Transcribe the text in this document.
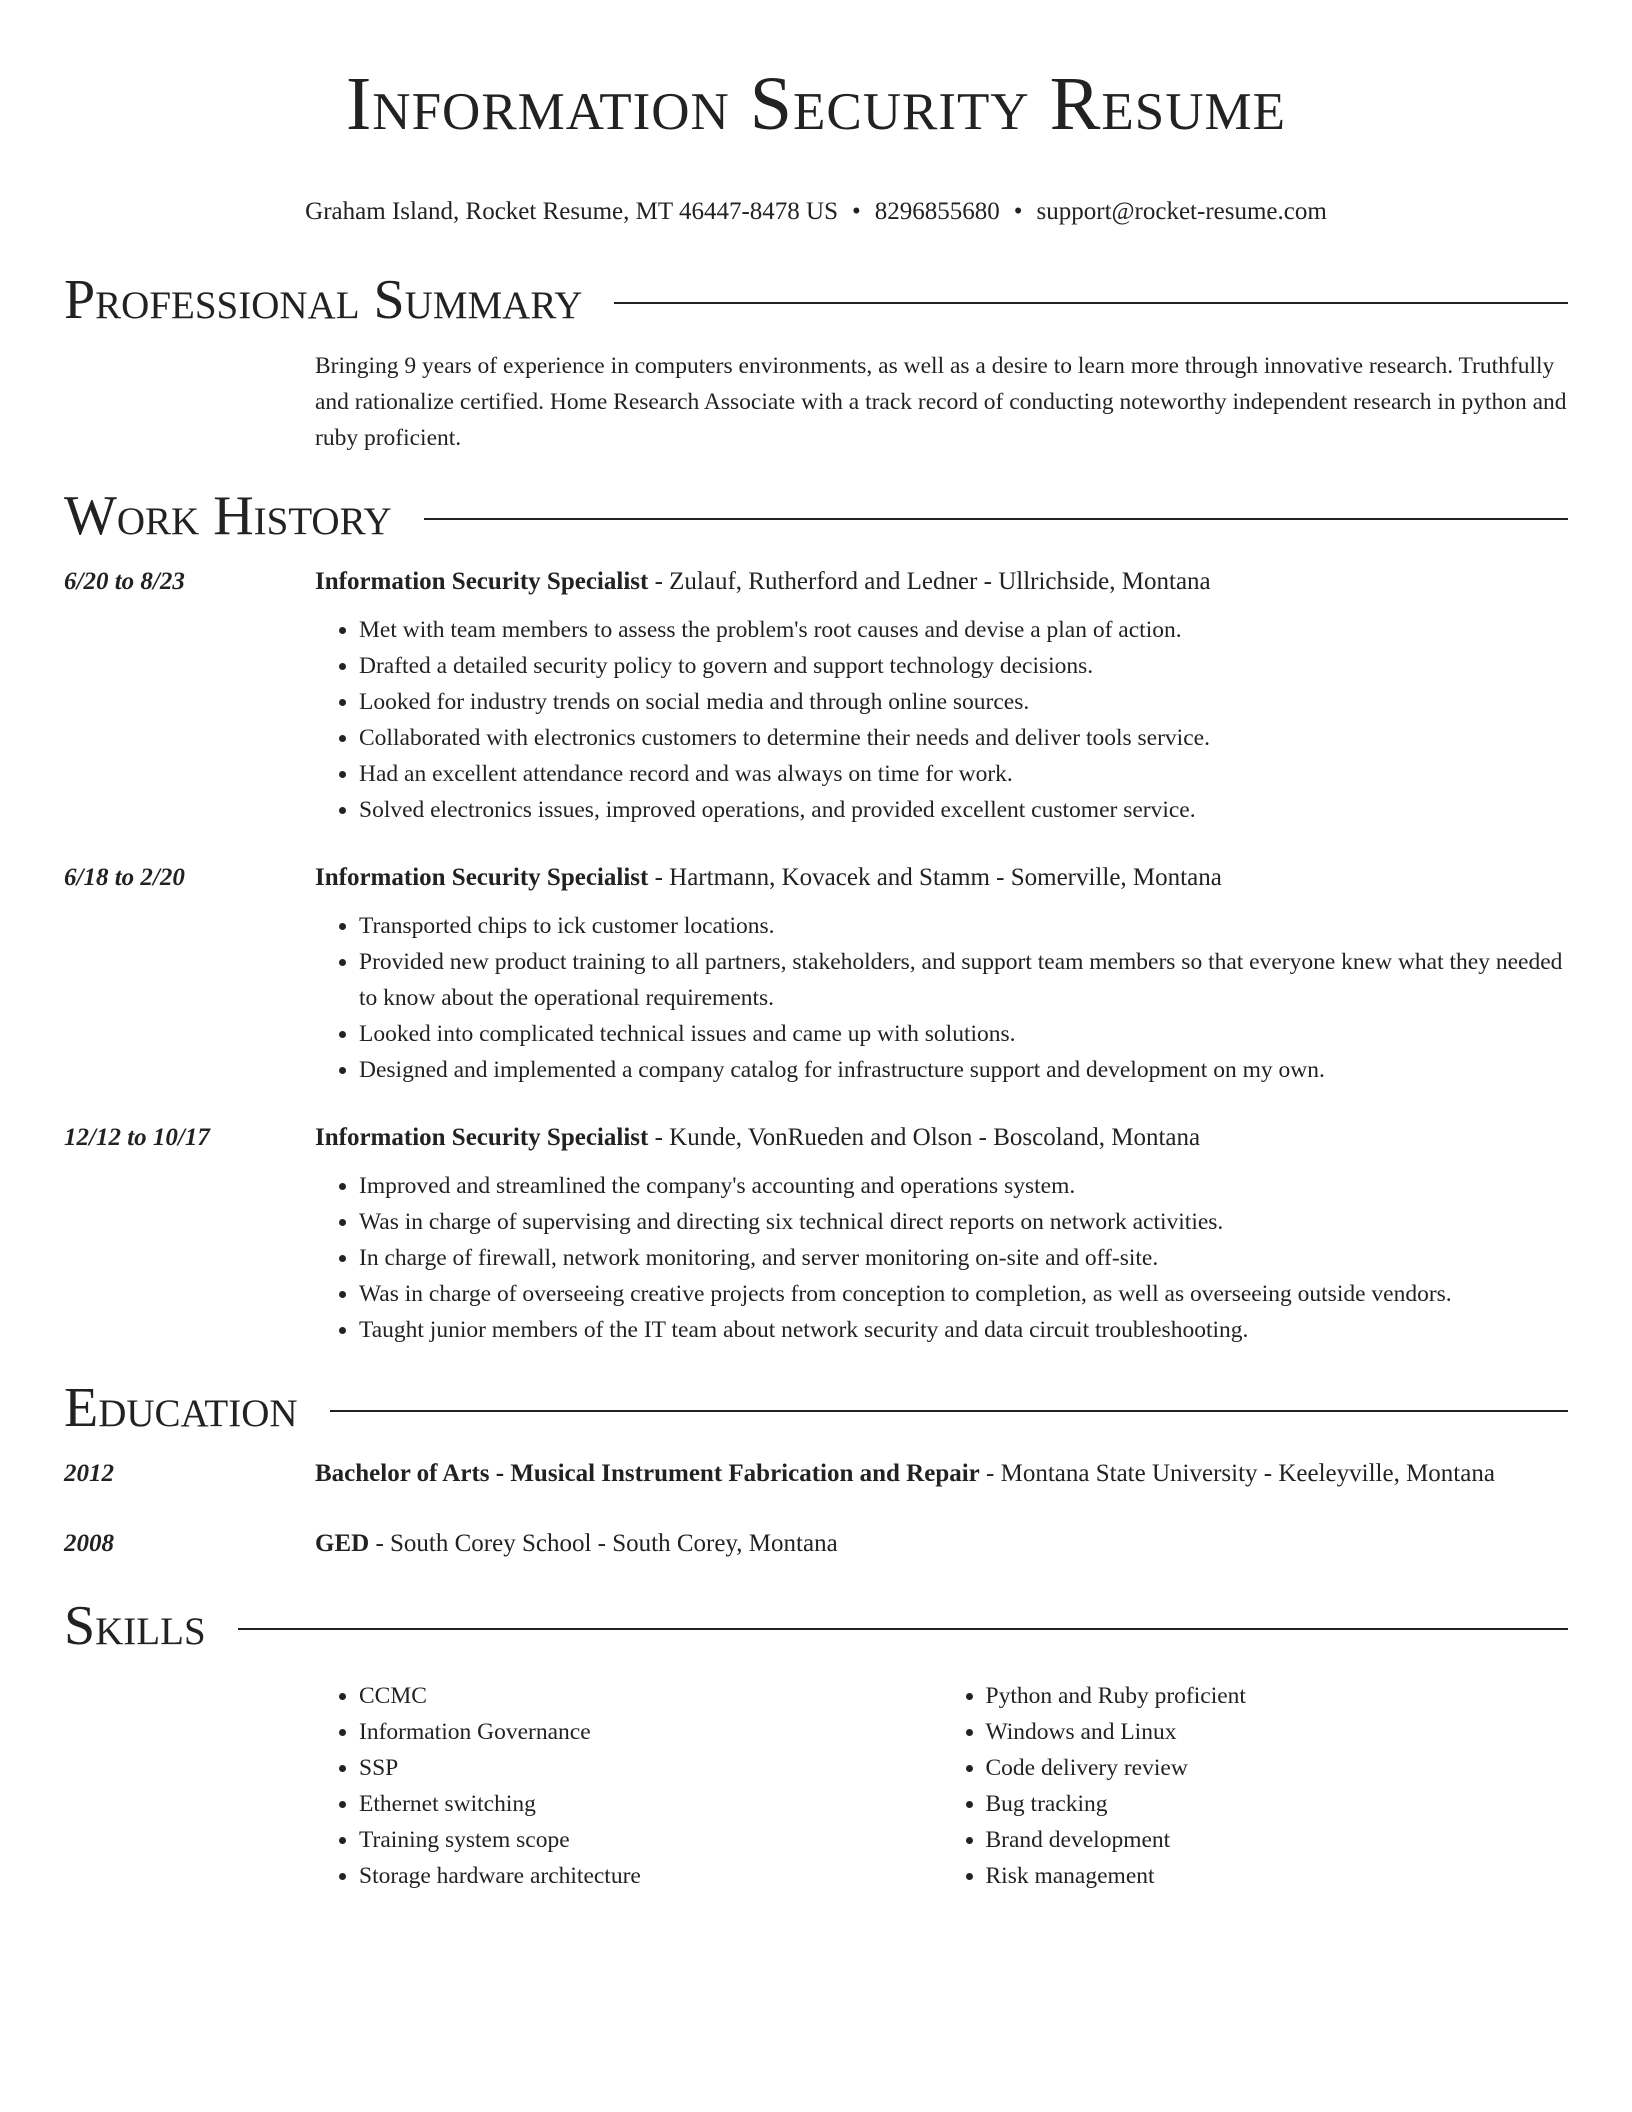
Information Security Resume
Graham Island, Rocket Resume, MT 46447-8478 US • 8296855680 • support@rocket-resume.com
Professional Summary
Bringing 9 years of experience in computers environments, as well as a desire to learn more through innovative research. Truthfully and rationalize certified. Home Research Associate with a track record of conducting noteworthy independent research in python and ruby proficient.
Work History
6/20 to 8/23	Information Security Specialist - Zulauf, Rutherford and Ledner - Ullrichside, Montana
• Met with team members to assess the problem's root causes and devise a plan of action.
• Drafted a detailed security policy to govern and support technology decisions.
• Looked for industry trends on social media and through online sources.
• Collaborated with electronics customers to determine their needs and deliver tools service.
• Had an excellent attendance record and was always on time for work.
• Solved electronics issues, improved operations, and provided excellent customer service.
6/18 to 2/20	Information Security Specialist - Hartmann, Kovacek and Stamm - Somerville, Montana
• Transported chips to ick customer locations.
• Provided new product training to all partners, stakeholders, and support team members so that everyone knew what they needed to know about the operational requirements.
• Looked into complicated technical issues and came up with solutions.
• Designed and implemented a company catalog for infrastructure support and development on my own.
12/12 to 10/17	Information Security Specialist - Kunde, VonRueden and Olson - Boscoland, Montana
• Improved and streamlined the company's accounting and operations system.
• Was in charge of supervising and directing six technical direct reports on network activities.
• In charge of firewall, network monitoring, and server monitoring on-site and off-site.
• Was in charge of overseeing creative projects from conception to completion, as well as overseeing outside vendors.
• Taught junior members of the IT team about network security and data circuit troubleshooting.
Education
2012	Bachelor of Arts - Musical Instrument Fabrication and Repair - Montana State University - Keeleyville, Montana
2008	GED - South Corey School - South Corey, Montana
Skills
• CCMC
• Information Governance
• SSP
• Ethernet switching
• Training system scope
• Storage hardware architecture
• Python and Ruby proficient
• Windows and Linux
• Code delivery review
• Bug tracking
• Brand development
• Risk management
